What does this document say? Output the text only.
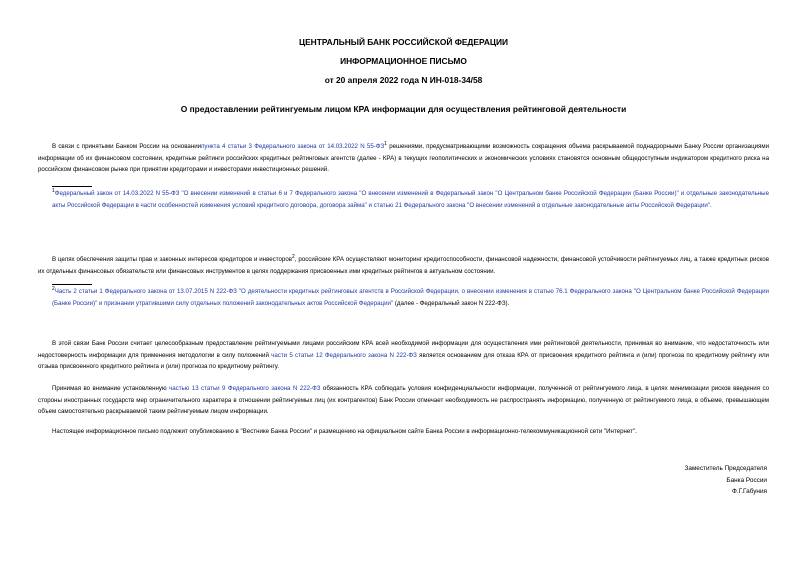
ЦЕНТРАЛЬНЫЙ БАНК РОССИЙСКОЙ ФЕДЕРАЦИИ
ИНФОРМАЦИОННОЕ ПИСЬМО
от 20 апреля 2022 года N ИН-018-34/58
О предоставлении рейтингуемым лицом КРА информации для осуществления рейтинговой деятельности
В связи с принятыми Банком России на основаниипункта 4 статьи 3 Федерального закона от 14.03.2022 N 55-ФЗ$^1$ решениями, предусматривающими возможность сокращения объема раскрываемой поднадзорными Банку России организациями информации об их финансовом состоянии, кредитные рейтинги российских кредитных рейтинговых агентств (далее - КРА) в текущих геополитических и экономических условиях становятся основным общедоступным индикатором кредитного риска на российском финансовом рынке при принятии кредиторами и инвесторами инвестиционных решений.
$^1$Федеральный закон от 14.03.2022 N 55-ФЗ "О внесении изменений в статьи 6 и 7 Федерального закона "О внесении изменений в Федеральный закон "О Центральном банке Российской Федерации (Банке России)" и отдельные законодательные акты Российской Федерации в части особенностей изменения условий кредитного договора, договора займа" и статью 21 Федерального закона "О внесении изменений в отдельные законодательные акты Российской Федерации".
В целях обеспечения защиты прав и законных интересов кредиторов и инвесторов$^2$, российские КРА осуществляют мониторинг кредитоспособности, финансовой надежности, финансовой устойчивости рейтингуемых лиц, а также кредитных рисков их отдельных финансовых обязательств или финансовых инструментов в целях поддержания присвоенных ими кредитных рейтингов в актуальном состоянии.
$^2$Часть 2 статьи 1 Федерального закона от 13.07.2015 N 222-ФЗ "О деятельности кредитных рейтинговых агентств в Российской Федерации, о внесении изменения в статью 76.1 Федерального закона "О Центральном банке Российской Федерации (Банке России)" и признании утратившими силу отдельных положений законодательных актов Российской Федерации" (далее - Федеральный закон N 222-ФЗ).
В этой связи Банк России считает целесообразным предоставление рейтингуемыми лицами российским КРА всей необходимой информации для осуществления ими рейтинговой деятельности, принимая во внимание, что недостаточность или недостоверность информации для применения методологии в силу положений части 5 статьи 12 Федерального закона N 222-ФЗ является основанием для отказа КРА от присвоения кредитного рейтинга и (или) прогноза по кредитному рейтингу или отзыва присвоенного кредитного рейтинга и (или) прогноза по кредитному рейтингу.
Принимая во внимание установленную частью 13 статьи 9 Федерального закона N 222-ФЗ обязанность КРА соблюдать условия конфиденциальности информации, полученной от рейтингуемого лица, в целях минимизации рисков введения со стороны иностранных государств мер ограничительного характера в отношении рейтингуемых лиц (их контрагентов) Банк России отмечает необходимость не распространять информацию, полученную от рейтингуемого лица, в объеме, превышающем объем самостоятельно раскрываемой таким рейтингуемым лицом информации.
Настоящее информационное письмо подлежит опубликованию в "Вестнике Банка России" и размещению на официальном сайте Банка России в информационно-телекоммуникационной сети "Интернет".
Заместитель Председателя
Банка России
Ф.Г.Габуния
